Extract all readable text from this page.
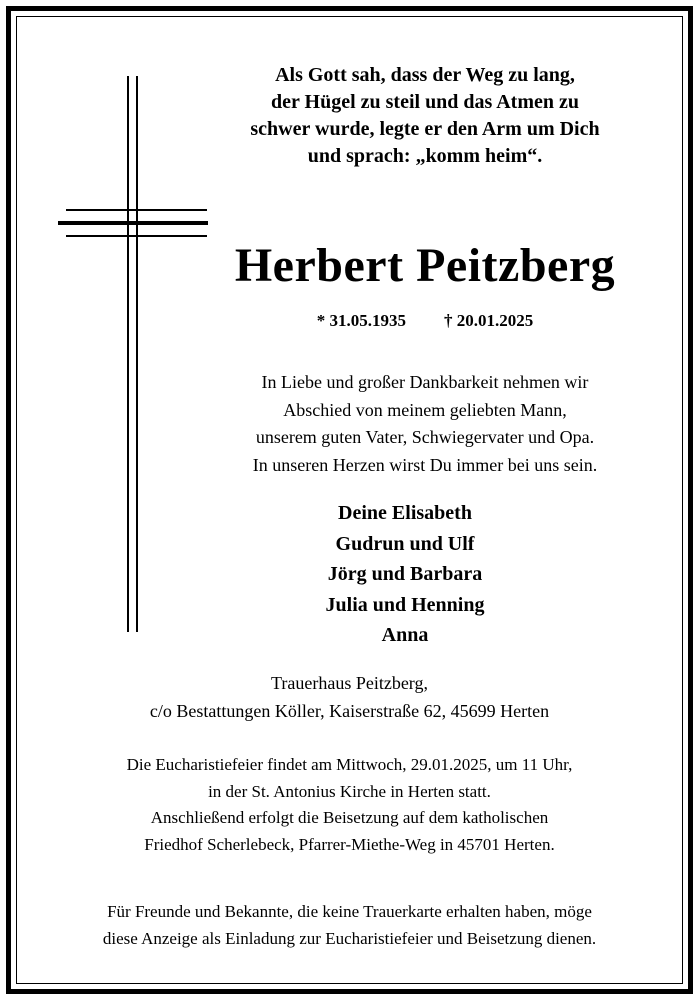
Als Gott sah, dass der Weg zu lang,
der Hügel zu steil und das Atmen zu
schwer wurde, legte er den Arm um Dich
und sprach: „komm heim“.
Herbert Peitzberg
* 31.05.1935 † 20.01.2025
In Liebe und großer Dankbarkeit nehmen wir
Abschied von meinem geliebten Mann,
unserem guten Vater, Schwiegervater und Opa.
In unseren Herzen wirst Du immer bei uns sein.
Deine Elisabeth
Gudrun und Ulf
Jörg und Barbara
Julia und Henning
Anna
Trauerhaus Peitzberg,
c/o Bestattungen Köller, Kaiserstraße 62, 45699 Herten
Die Eucharistiefeier findet am Mittwoch, 29.01.2025, um 11 Uhr,
in der St. Antonius Kirche in Herten statt.
Anschließend erfolgt die Beisetzung auf dem katholischen
Friedhof Scherlebeck, Pfarrer-Miethe-Weg in 45701 Herten.
Für Freunde und Bekannte, die keine Trauerkarte erhalten haben, möge
diese Anzeige als Einladung zur Eucharistiefeier und Beisetzung dienen.
